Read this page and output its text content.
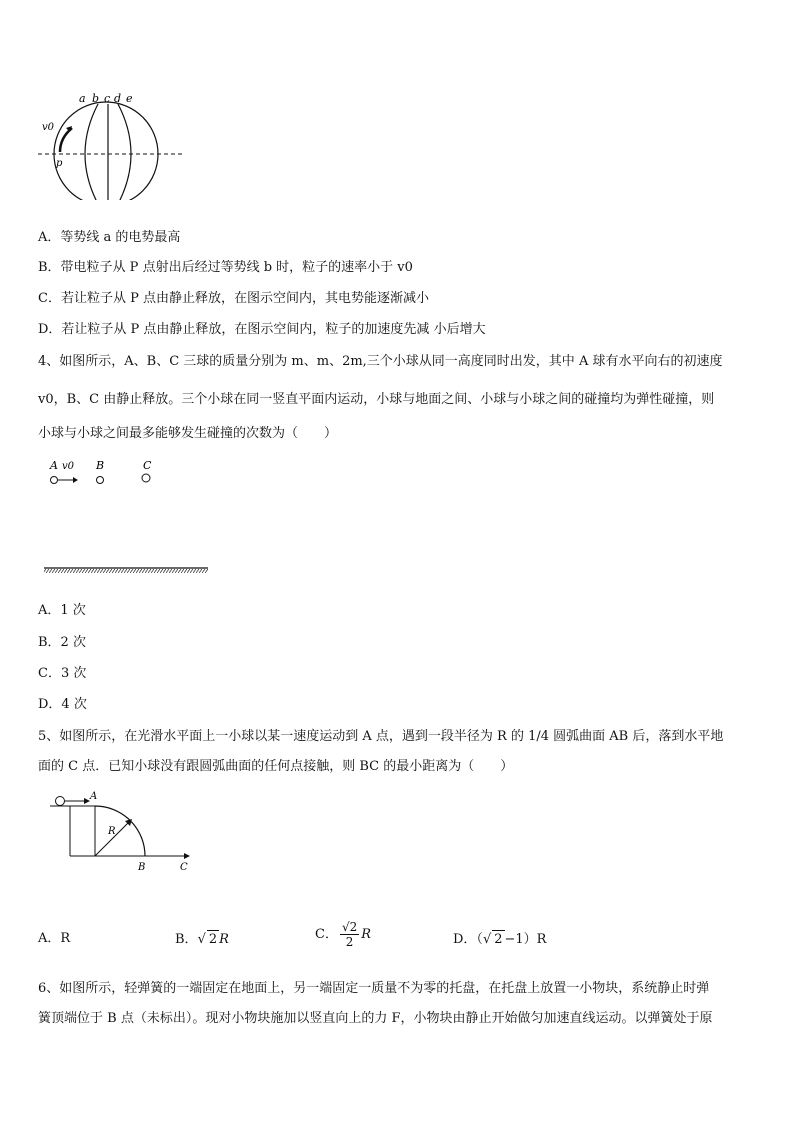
a b c d e
v0
p
A．等势线 a 的电势最高
B．带电粒子从 P 点射出后经过等势线 b 时，粒子的速率小于 v0
C．若让粒子从 P 点由静止释放，在图示空间内，其电势能逐渐减小
D．若让粒子从 P 点由静止释放，在图示空间内，粒子的加速度先减 小后增大
4、如图所示，A、B、C 三球的质量分别为 m、m、2m,三个小球从同一高度同时出发，其中 A 球有水平向右的初速度
v0，B、C 由静止释放。三个小球在同一竖直平面内运动，小球与地面之间、小球与小球之间的碰撞均为弹性碰撞，则
小球与小球之间最多能够发生碰撞的次数为（　　）
A v0 B	C
A．1 次
B．2 次
C．3 次
D．4 次
5、如图所示，在光滑水平面上一小球以某一速度运动到 A 点，遇到一段半径为 R 的 1/4 圆弧曲面 AB 后，落到水平地
面的 C 点．已知小球没有跟圆弧曲面的任何点接触，则 BC 的最小距离为（　　）
A
R
B	C
A．R	B．√ 2 R	C． $\frac{√2}{2}$ R	D．（√ 2 −1）R
6、如图所示，轻弹簧的一端固定在地面上，另一端固定一质量不为零的托盘，在托盘上放置一小物块，系统静止时弹
簧顶端位于 B 点（未标出）。现对小物块施加以竖直向上的力 F，小物块由静止开始做匀加速直线运动。以弹簧处于原
